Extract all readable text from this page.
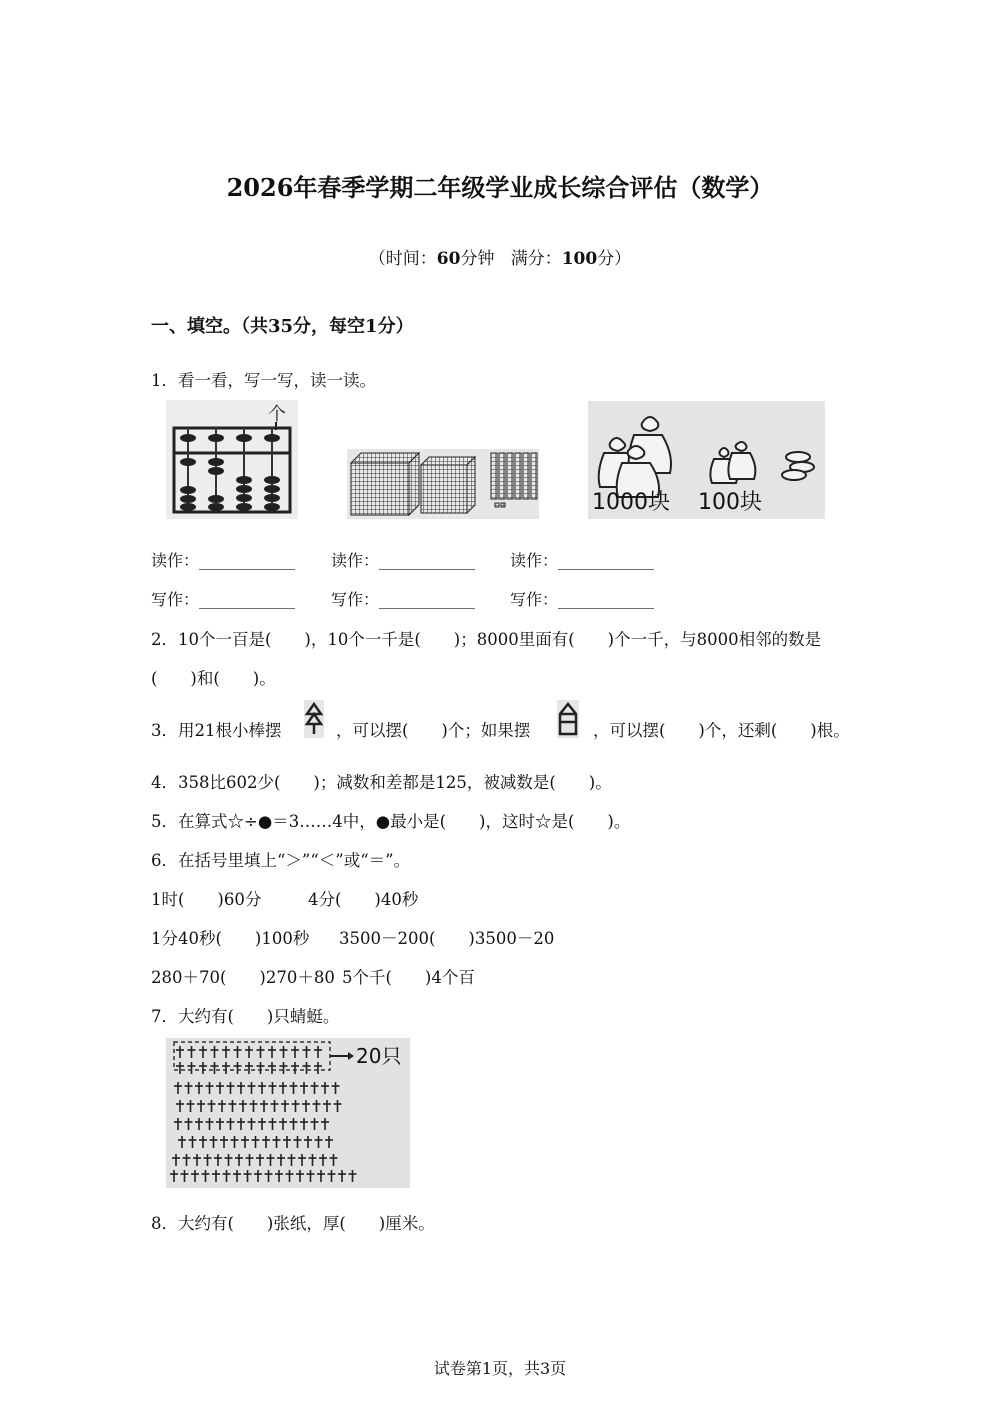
2026年春季学期二年级学业成长综合评估（数学）
（时间：60分钟 满分：100分）
一、填空。（共35分，每空1分）
1．看一看，写一写，读一读。
个
1000块 100块
读作：____________ 读作：____________ 读作：____________
写作：____________ 写作：____________ 写作：____________
2．10个一百是(　　)，10个一千是(　　)；8000里面有(　　)个一千，与8000相邻的数是
(　　)和(　　)。
3．用21根小棒摆	，可以摆(　　)个；如果摆	，可以摆(　　)个，还剩(　　)根。
4．358比602少(　　)；减数和差都是125，被减数是(　　)。
5．在算式☆÷●＝3……4中，●最小是(　　)，这时☆是(　　)。
6．在括号里填上“＞”“＜”或“＝”。
1时(　　)60分	4分(　　)40秒
1分40秒(　　)100秒 3500－200(　　)3500－20
280＋70(　　)270＋80 5个千(　　)4个百
7．大约有(　　)只蜻蜓。
20只
8．大约有(　　)张纸，厚(　　)厘米。
试卷第1页，共3页
